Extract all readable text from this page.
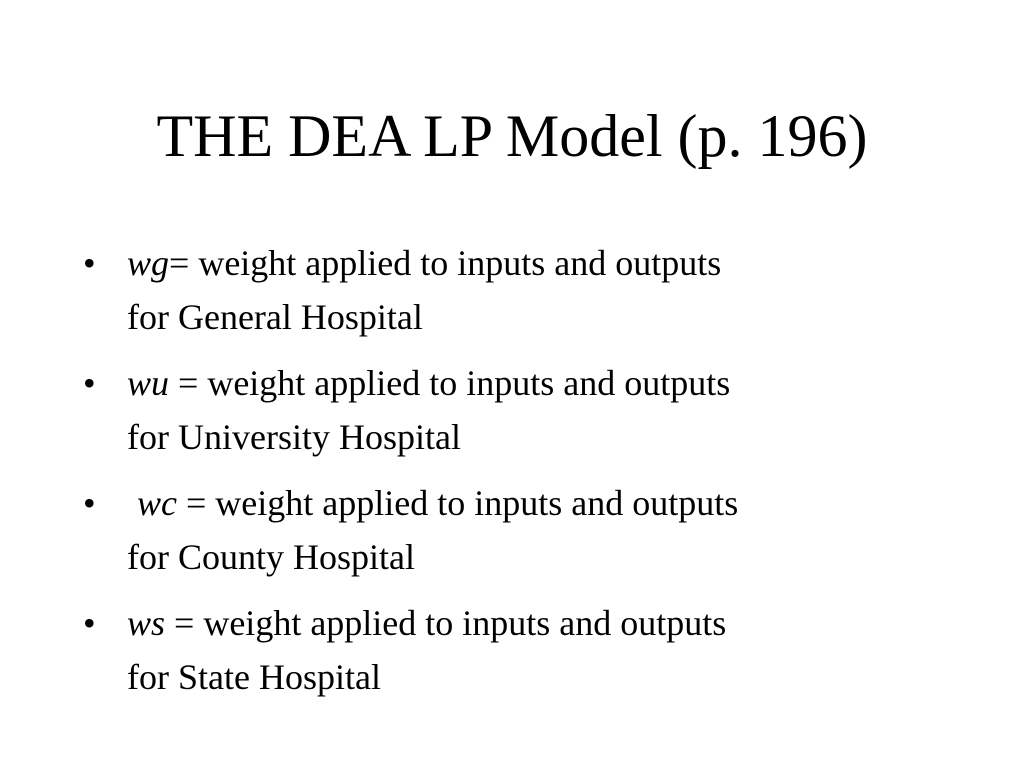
THE DEA LP Model (p. 196)
• wg= weight applied to inputs and outputs
for General Hospital
• wu = weight applied to inputs and outputs
for University Hospital
•	wc = weight applied to inputs and outputs
for County Hospital
• ws = weight applied to inputs and outputs
for State Hospital
